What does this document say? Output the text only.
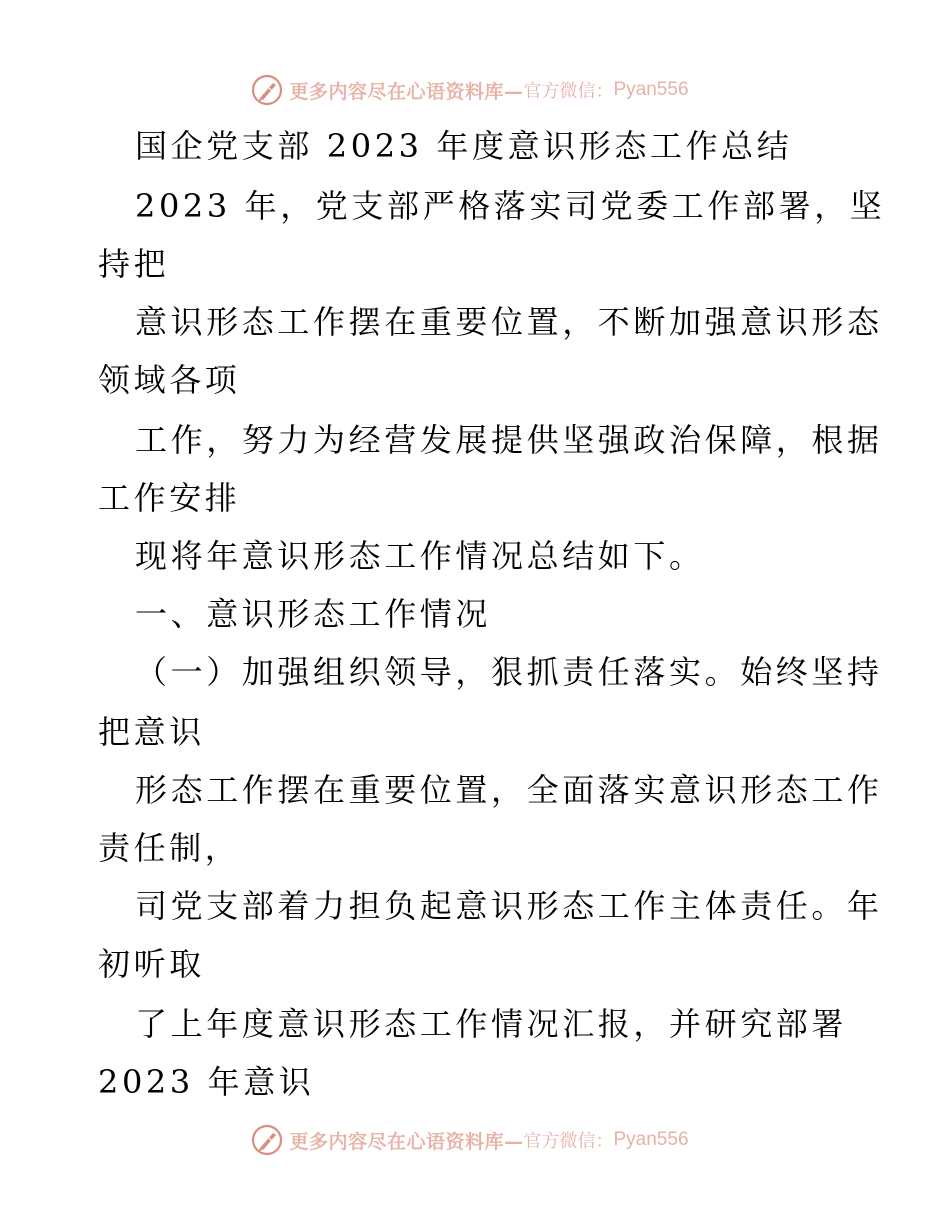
更多内容尽在心语资料库— 官方微信： Pyan556
国企党支部 2023 年度意识形态工作总结
2023 年，党支部严格落实司党委工作部署，坚
持把
意识形态工作摆在重要位置，不断加强意识形态
领域各项
工作，努力为经营发展提供坚强政治保障，根据
工作安排
现将年意识形态工作情况总结如下。
一、意识形态工作情况
（一）加强组织领导，狠抓责任落实。始终坚持
把意识
形态工作摆在重要位置，全面落实意识形态工作
责任制，
司党支部着力担负起意识形态工作主体责任。年
初听取
了上年度意识形态工作情况汇报，并研究部署
2023 年意识
更多内容尽在心语资料库— 官方微信： Pyan556
